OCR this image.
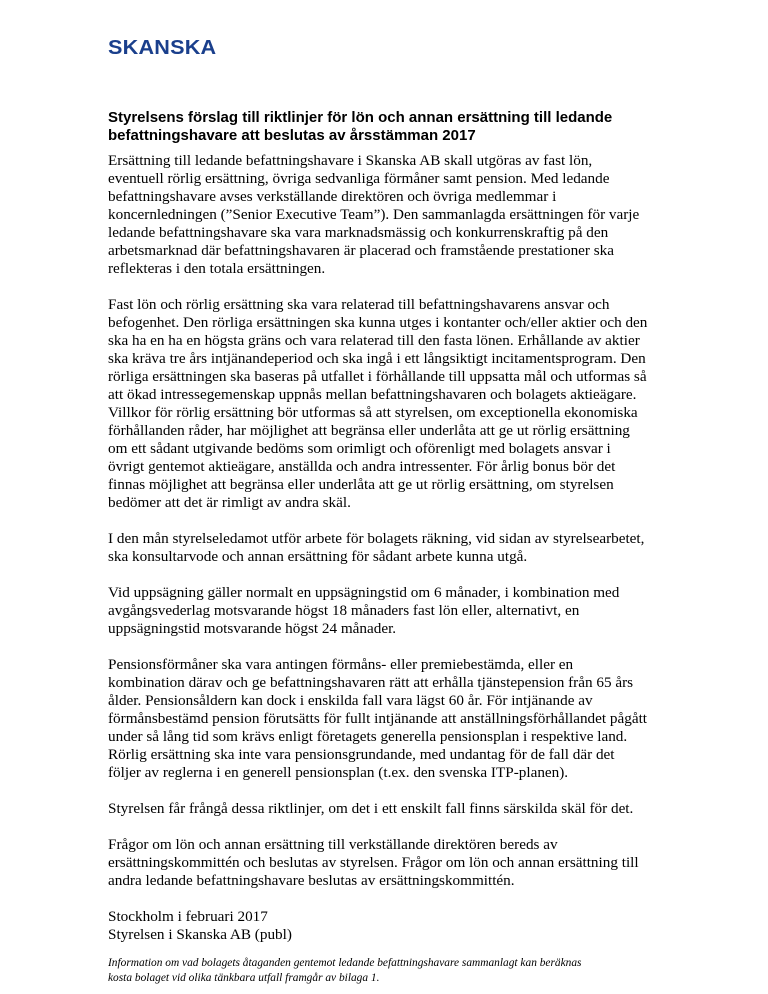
SKANSKA
Styrelsens förslag till riktlinjer för lön och annan ersättning till ledande
befattningshavare att beslutas av årsstämman 2017

Ersättning till ledande befattningshavare i Skanska AB skall utgöras av fast lön,
eventuell rörlig ersättning, övriga sedvanliga förmåner samt pension. Med ledande
befattningshavare avses verkställande direktören och övriga medlemmar i
koncernledningen (”Senior Executive Team”). Den sammanlagda ersättningen för varje
ledande befattningshavare ska vara marknadsmässig och konkurrenskraftig på den
arbetsmarknad där befattningshavaren är placerad och framstående prestationer ska
reflekteras i den totala ersättningen.

Fast lön och rörlig ersättning ska vara relaterad till befattningshavarens ansvar och
befogenhet. Den rörliga ersättningen ska kunna utges i kontanter och/eller aktier och den
ska ha en ha en högsta gräns och vara relaterad till den fasta lönen. Erhållande av aktier
ska kräva tre års intjänandeperiod och ska ingå i ett långsiktigt incitamentsprogram. Den
rörliga ersättningen ska baseras på utfallet i förhållande till uppsatta mål och utformas så
att ökad intressegemenskap uppnås mellan befattningshavaren och bolagets aktieägare.
Villkor för rörlig ersättning bör utformas så att styrelsen, om exceptionella ekonomiska
förhållanden råder, har möjlighet att begränsa eller underlåta att ge ut rörlig ersättning
om ett sådant utgivande bedöms som orimligt och oförenligt med bolagets ansvar i
övrigt gentemot aktieägare, anställda och andra intressenter. För årlig bonus bör det
finnas möjlighet att begränsa eller underlåta att ge ut rörlig ersättning, om styrelsen
bedömer att det är rimligt av andra skäl.

I den mån styrelseledamot utför arbete för bolagets räkning, vid sidan av styrelsearbetet,
ska konsultarvode och annan ersättning för sådant arbete kunna utgå.

Vid uppsägning gäller normalt en uppsägningstid om 6 månader, i kombination med
avgångsvederlag motsvarande högst 18 månaders fast lön eller, alternativt, en
uppsägningstid motsvarande högst 24 månader.

Pensionsförmåner ska vara antingen förmåns- eller premiebestämda, eller en
kombination därav och ge befattningshavaren rätt att erhålla tjänstepension från 65 års
ålder. Pensionsåldern kan dock i enskilda fall vara lägst 60 år. För intjänande av
förmånsbestämd pension förutsätts för fullt intjänande att anställningsförhållandet pågått
under så lång tid som krävs enligt företagets generella pensionsplan i respektive land.
Rörlig ersättning ska inte vara pensionsgrundande, med undantag för de fall där det
följer av reglerna i en generell pensionsplan (t.ex. den svenska ITP-planen).

Styrelsen får frångå dessa riktlinjer, om det i ett enskilt fall finns särskilda skäl för det.

Frågor om lön och annan ersättning till verkställande direktören bereds av
ersättningskommittén och beslutas av styrelsen. Frågor om lön och annan ersättning till
andra ledande befattningshavare beslutas av ersättningskommittén.

Stockholm i februari 2017
Styrelsen i Skanska AB (publ)

Information om vad bolagets åtaganden gentemot ledande befattningshavare sammanlagt kan beräknas
kosta bolaget vid olika tänkbara utfall framgår av bilaga 1.
